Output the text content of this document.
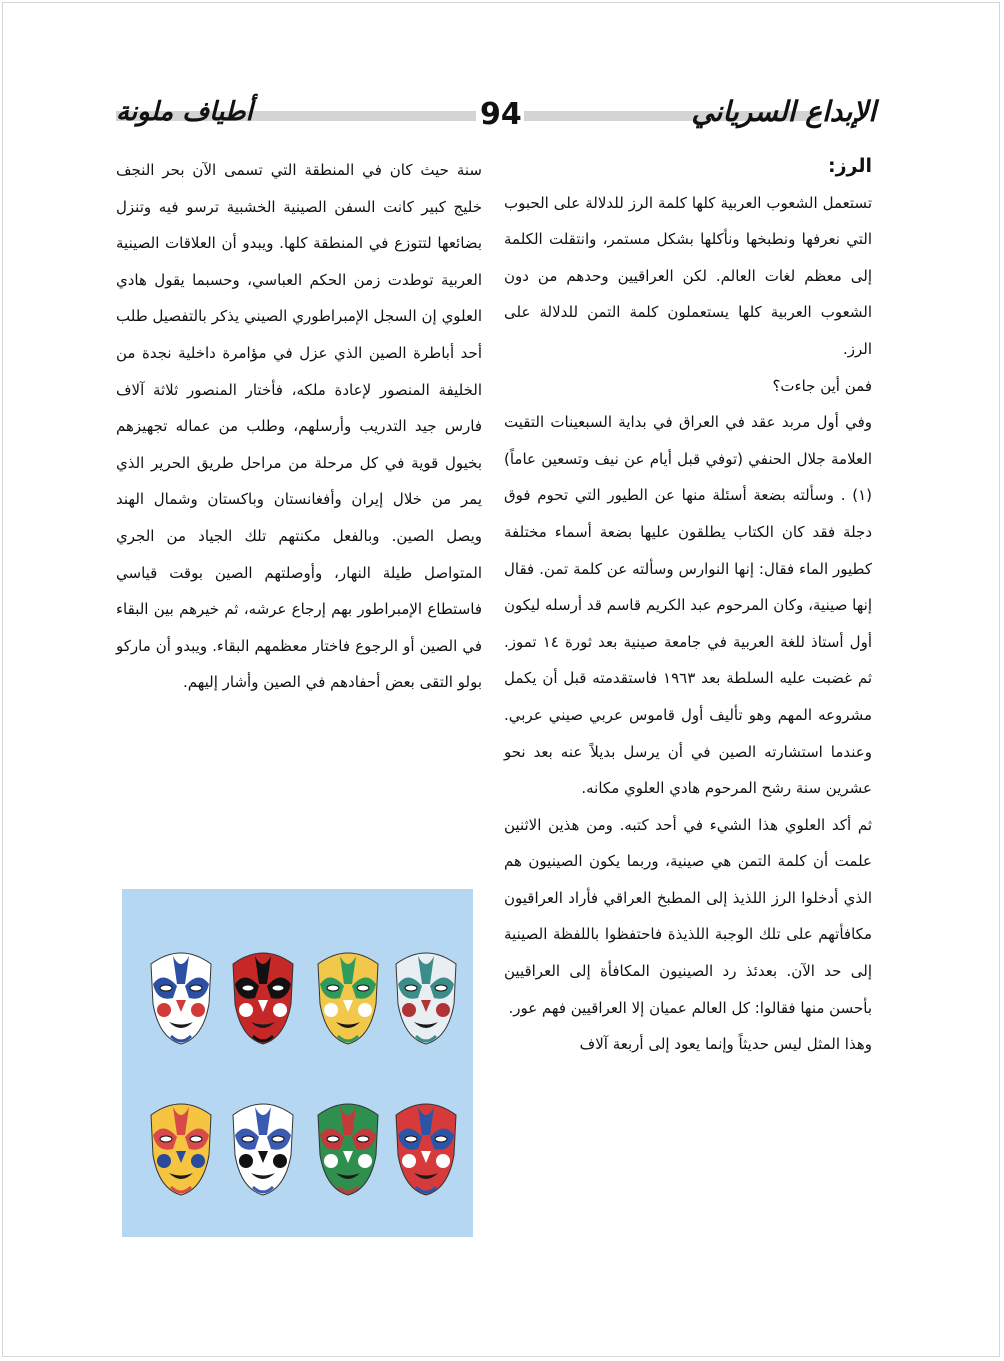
الإبداع السرياني
94
أطياف ملونة

الرز:

تستعمل الشعوب العربية كلها كلمة الرز للدلالة على الحبوب التي نعرفها ونطبخها ونأكلها بشكل مستمر، وانتقلت الكلمة إلى معظم لغات العالم. لكن العراقيين وحدهم من دون الشعوب العربية كلها يستعملون كلمة التمن للدلالة على الرز.

فمن أين جاءت؟

وفي أول مربد عقد في العراق في بداية السبعينات التقيت العلامة جلال الحنفي (توفي قبل أيام عن نيف وتسعين عاماً)(١) . وسألته بضعة أسئلة منها عن الطيور التي تحوم فوق دجلة فقد كان الكتاب يطلقون عليها بضعة أسماء مختلفة كطيور الماء فقال: إنها النوارس وسألته عن كلمة تمن. فقال إنها صينية، وكان المرحوم عبد الكريم قاسم قد أرسله ليكون أول أستاذ للغة العربية في جامعة صينية بعد ثورة ١٤ تموز. ثم غضبت عليه السلطة بعد ١٩٦٣ فاستقدمته قبل أن يكمل مشروعه المهم وهو تأليف أول قاموس عربي صيني عربي. وعندما استشارته الصين في أن يرسل بديلاً عنه بعد نحو عشرين سنة رشح المرحوم هادي العلوي مكانه.

ثم أكد العلوي هذا الشيء في أحد كتبه. ومن هذين الاثنين علمت أن كلمة التمن هي صينية، وربما يكون الصينيون هم الذي أدخلوا الرز اللذيذ إلى المطبخ العراقي فأراد العراقيون مكافأتهم على تلك الوجبة اللذيذة فاحتفظوا باللفظة الصينية إلى حد الآن. بعدئذ رد الصينيون المكافأة إلى العراقيين بأحسن منها فقالوا: كل العالم عميان إلا العراقيين فهم عور.

وهذا المثل ليس حديثاً وإنما يعود إلى أربعة آلاف

سنة حيث كان في المنطقة التي تسمى الآن بحر النجف خليج كبير كانت السفن الصينية الخشبية ترسو فيه وتنزل بضائعها لتتوزع في المنطقة كلها. ويبدو أن العلاقات الصينية العربية توطدت زمن الحكم العباسي، وحسبما يقول هادي العلوي إن السجل الإمبراطوري الصيني يذكر بالتفصيل طلب أحد أباطرة الصين الذي عزل في مؤامرة داخلية نجدة من الخليفة المنصور لإعادة ملكه، فأختار المنصور ثلاثة آلاف فارس جيد التدريب وأرسلهم، وطلب من عماله تجهيزهم بخيول قوية في كل مرحلة من مراحل طريق الحرير الذي يمر من خلال إيران وأفغانستان وباكستان وشمال الهند ويصل الصين. وبالفعل مكنتهم تلك الجياد من الجري المتواصل طيلة النهار، وأوصلتهم الصين بوقت قياسي فاستطاع الإمبراطور بهم إرجاع عرشه، ثم خيرهم بين البقاء في الصين أو الرجوع فاختار معظمهم البقاء. ويبدو أن ماركو بولو التقى بعض أحفادهم في الصين وأشار إليهم.
